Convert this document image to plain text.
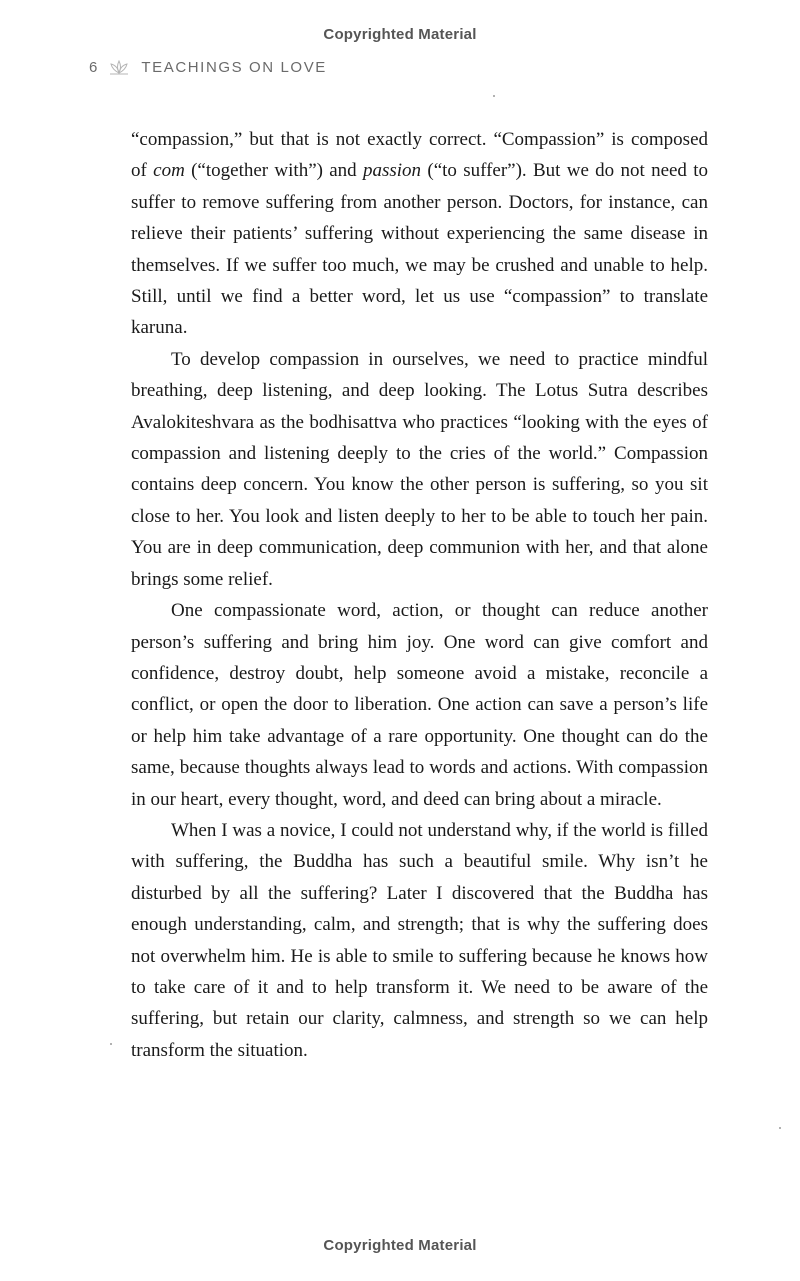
Copyrighted Material
6	TEACHINGS ON LOVE

“compassion,” but that is not exactly correct. “Compassion” is composed of com (“together with”) and passion (“to suffer”). But we do not need to suffer to remove suffering from another person. Doctors, for instance, can relieve their patients’ suffering without experiencing the same disease in themselves. If we suffer too much, we may be crushed and unable to help. Still, until we find a better word, let us use “compassion” to translate karuna.

To develop compassion in ourselves, we need to practice mindful breathing, deep listening, and deep looking. The Lotus Sutra describes Avalokiteshvara as the bodhisattva who practices “looking with the eyes of compassion and listening deeply to the cries of the world.” Compassion contains deep concern. You know the other person is suffering, so you sit close to her. You look and listen deeply to her to be able to touch her pain. You are in deep communication, deep communion with her, and that alone brings some relief.

One compassionate word, action, or thought can reduce another person’s suffering and bring him joy. One word can give comfort and confidence, destroy doubt, help someone avoid a mistake, reconcile a conflict, or open the door to liberation. One action can save a person’s life or help him take advantage of a rare opportunity. One thought can do the same, because thoughts always lead to words and actions. With compassion in our heart, every thought, word, and deed can bring about a miracle.

When I was a novice, I could not understand why, if the world is filled with suffering, the Buddha has such a beautiful smile. Why isn’t he disturbed by all the suffering? Later I discovered that the Buddha has enough understanding, calm, and strength; that is why the suffering does not overwhelm him. He is able to smile to suffering because he knows how to take care of it and to help transform it. We need to be aware of the suffering, but retain our clarity, calmness, and strength so we can help transform the situation.

Copyrighted Material
